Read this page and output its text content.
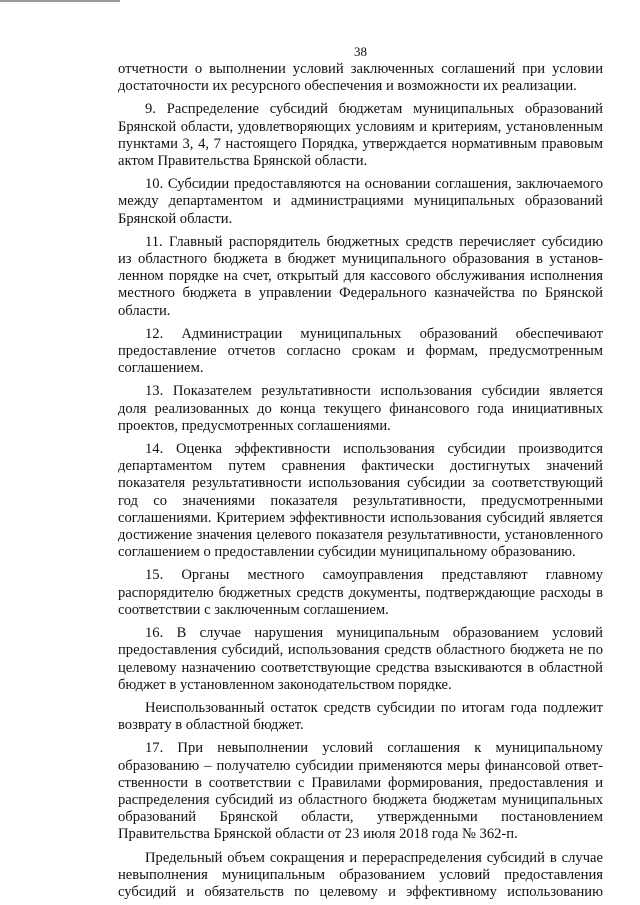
38

отчетности о выполнении условий заключенных соглашений при условии достаточности их ресурсного обеспечения и возможности их реализации.

9. Распределение субсидий бюджетам муниципальных образований Брянской области, удовлетворяющих условиям и критериям, установленным пунктами 3, 4, 7 настоящего Порядка, утверждается нормативным правовым актом Правительства Брянской области.

10. Субсидии предоставляются на основании соглашения, заключаемого между департаментом и администрациями муниципальных образований Брянской области.

11. Главный распорядитель бюджетных средств перечисляет субсидию из областного бюджета в бюджет муниципального образования в установленном порядке на счет, открытый для кассового обслуживания исполнения местного бюджета в управлении Федерального казначейства по Брянской области.

12. Администрации муниципальных образований обеспечивают предоставление отчетов согласно срокам и формам, предусмотренным соглашением.

13. Показателем результативности использования субсидии является доля реализованных до конца текущего финансового года инициативных проектов, предусмотренных соглашениями.

14. Оценка эффективности использования субсидии производится департаментом путем сравнения фактически достигнутых значений показателя результативности использования субсидии за соответствующий год со значениями показателя результативности, предусмотренными соглашениями. Критерием эффективности использования субсидий является достижение значения целевого показателя результативности, установленного соглашением о предоставлении субсидии муниципальному образованию.

15. Органы местного самоуправления представляют главному распорядителю бюджетных средств документы, подтверждающие расходы в соответствии с заключенным соглашением.

16. В случае нарушения муниципальным образованием условий предоставления субсидий, использования средств областного бюджета не по целевому назначению соответствующие средства взыскиваются в областной бюджет в установленном законодательством порядке.

Неиспользованный остаток средств субсидии по итогам года подлежит возврату в областной бюджет.

17. При невыполнении условий соглашения к муниципальному образованию – получателю субсидии применяются меры финансовой ответственности в соответствии с Правилами формирования, предоставления и распределения субсидий из областного бюджета бюджетам муниципальных образований Брянской области, утвержденными постановлением Правительства Брянской области от 23 июля 2018 года № 362-п.

Предельный объем сокращения и перераспределения субсидий в случае невыполнения муниципальным образованием условий предоставления субсидий и обязательств по целевому и эффективному использованию
